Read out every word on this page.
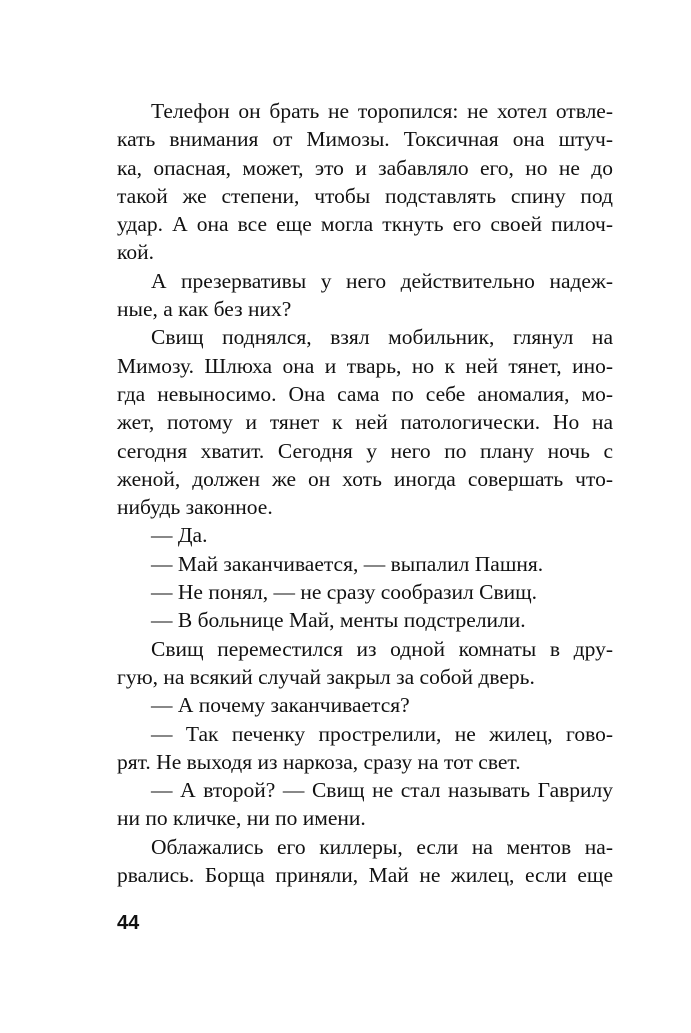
Телефон он брать не торопился: не хотел отвле-
кать внимания от Мимозы. Токсичная она штуч-
ка, опасная, может, это и забавляло его, но не до
такой же степени, чтобы подставлять спину под
удар. А она все еще могла ткнуть его своей пилоч-
кой.
А презервативы у него действительно надеж-
ные, а как без них?
Свищ поднялся, взял мобильник, глянул на
Мимозу. Шлюха она и тварь, но к ней тянет, ино-
гда невыносимо. Она сама по себе аномалия, мо-
жет, потому и тянет к ней патологически. Но на
сегодня хватит. Сегодня у него по плану ночь с
женой, должен же он хоть иногда совершать что-
нибудь законное.
— Да.
— Май заканчивается, — выпалил Пашня.
— Не понял, — не сразу сообразил Свищ.
— В больнице Май, менты подстрелили.
Свищ переместился из одной комнаты в дру-
гую, на всякий случай закрыл за собой дверь.
— А почему заканчивается?
— Так печенку прострелили, не жилец, гово-
рят. Не выходя из наркоза, сразу на тот свет.
— А второй? — Свищ не стал называть Гаврилу
ни по кличке, ни по имени.
Облажались его киллеры, если на ментов на-
рвались. Борща приняли, Май не жилец, если еще
44
